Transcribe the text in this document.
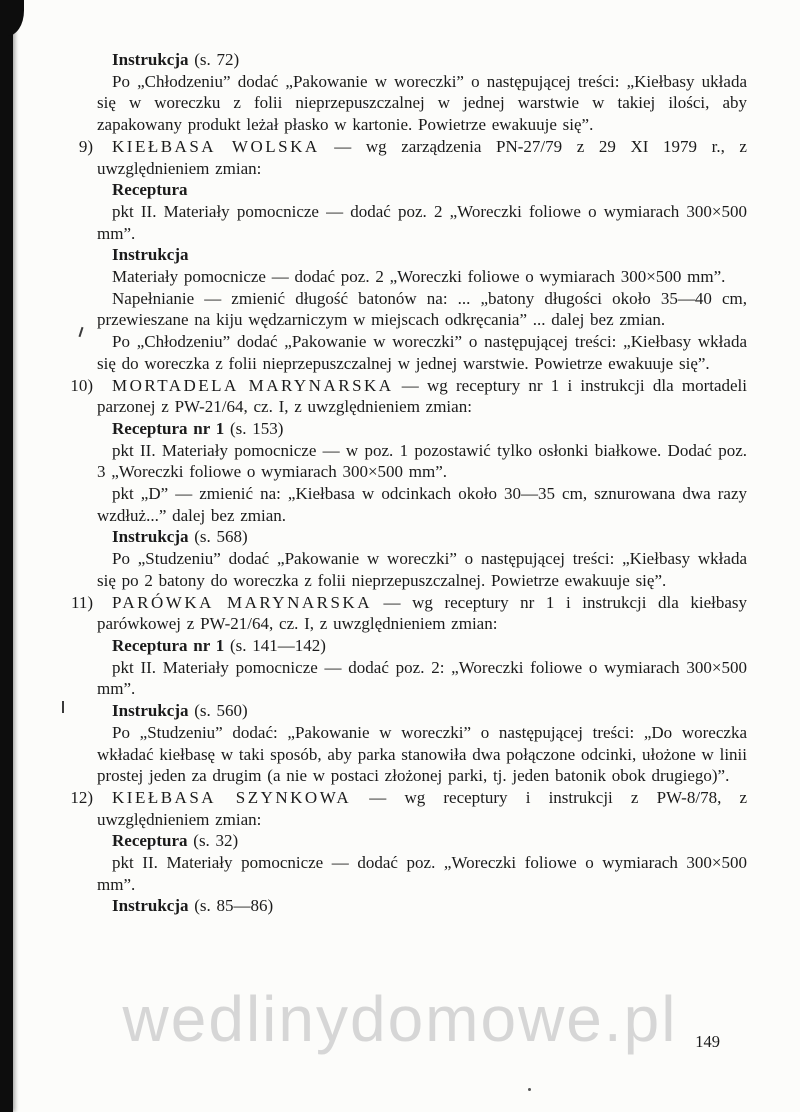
Instrukcja (s. 72)

Po „Chłodzeniu” dodać „Pakowanie w woreczki” o następującej treści: „Kiełbasy układa się w woreczku z folii nieprzepuszczalnej w jednej warstwie w takiej ilości, aby zapakowany produkt leżał płasko w kartonie. Powietrze ewakuuje się”.

9)	KIEŁBASA WOLSKA — wg zarządzenia PN-27/79 z 29 XI 1979 r., z uwzględnieniem zmian:

Receptura

pkt II. Materiały pomocnicze — dodać poz. 2 „Woreczki foliowe o wymiarach 300×500 mm”.

Instrukcja

Materiały pomocnicze — dodać poz. 2 „Woreczki foliowe o wymiarach 300×500 mm”.

Napełnianie — zmienić długość batonów na: ... „batony długości około 35—40 cm, przewieszane na kiju wędzarniczym w miejscach odkręcania” ... dalej bez zmian.

Po „Chłodzeniu” dodać „Pakowanie w woreczki” o następującej treści: „Kiełbasy wkłada się do woreczka z folii nieprzepuszczalnej w jednej warstwie. Powietrze ewakuuje się”.

10)	MORTADELA MARYNARSKA — wg receptury nr 1 i instrukcji dla mortadeli parzonej z PW-21/64, cz. I, z uwzględnieniem zmian:

Receptura nr 1 (s. 153)

pkt II. Materiały pomocnicze — w poz. 1 pozostawić tylko osłonki białkowe. Dodać poz. 3 „Woreczki foliowe o wymiarach 300×500 mm”.

pkt „D” — zmienić na: „Kiełbasa w odcinkach około 30—35 cm, sznurowana dwa razy wzdłuż...” dalej bez zmian.

Instrukcja (s. 568)

Po „Studzeniu” dodać „Pakowanie w woreczki” o następującej treści: „Kiełbasy wkłada się po 2 batony do woreczka z folii nieprzepuszczalnej. Powietrze ewakuuje się”.

11)	PARÓWKA MARYNARSKA — wg receptury nr 1 i instrukcji dla kiełbasy parówkowej z PW-21/64, cz. I, z uwzględnieniem zmian:

Receptura nr 1 (s. 141—142)

pkt II. Materiały pomocnicze — dodać poz. 2: „Woreczki foliowe o wymiarach 300×500 mm”.

Instrukcja (s. 560)

Po „Studzeniu” dodać: „Pakowanie w woreczki” o następującej treści: „Do woreczka wkładać kiełbasę w taki sposób, aby parka stanowiła dwa połączone odcinki, ułożone w linii prostej jeden za drugim (a nie w postaci złożonej parki, tj. jeden batonik obok drugiego)”.

12)	KIEŁBASA SZYNKOWA — wg receptury i instrukcji z PW-8/78, z uwzględnieniem zmian:

Receptura (s. 32)

pkt II. Materiały pomocnicze — dodać poz. „Woreczki foliowe o wymiarach 300×500 mm”.

Instrukcja (s. 85—86)

wedlinydomowe.pl 149
